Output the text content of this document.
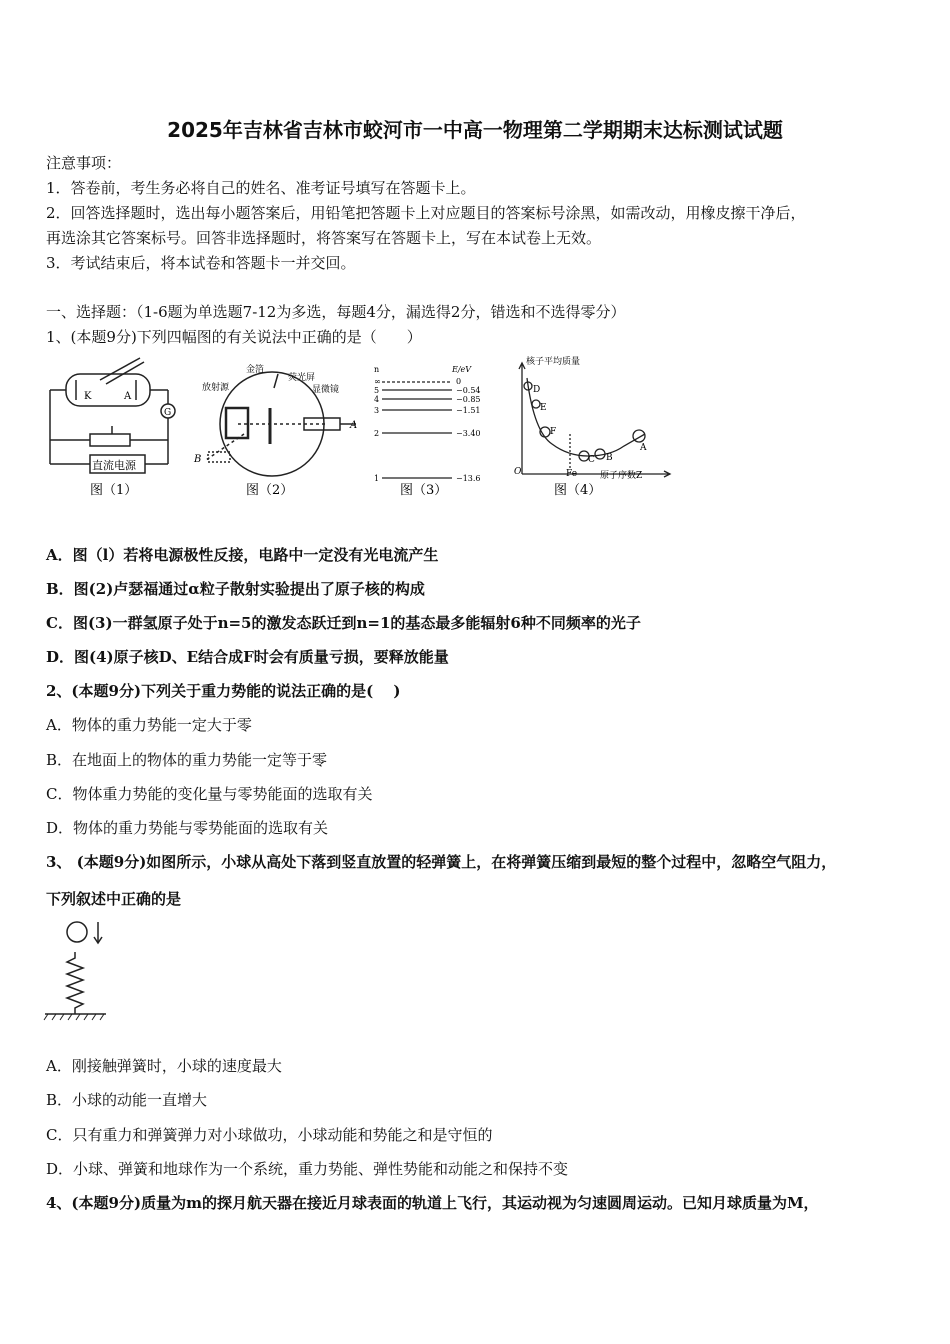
2025年吉林省吉林市蛟河市一中高一物理第二学期期末达标测试试题
注意事项：
1．答卷前，考生务必将自己的姓名、准考证号填写在答题卡上。
2．回答选择题时，选出每小题答案后，用铅笔把答题卡上对应题目的答案标号涂黑，如需改动，用橡皮擦干净后，
再选涂其它答案标号。回答非选择题时，将答案写在答题卡上，写在本试卷上无效。
3．考试结束后，将本试卷和答题卡一并交回。
一、选择题：（1-6题为单选题7-12为多选，每题4分，漏选得2分，错选和不选得零分）
1、(本题9分)下列四幅图的有关说法中正确的是（　　）
K	A
G
直流电源
图（1）
放射源
金箔
荧光屏
显微镜
A
B
图（2）
n	E/eV
∞	0
5	−0.54
4	−0.85
3	−1.51
2	−3.40
1	−13.6
图（3）
核子平均质量
原子序数Z
O	Fe
D
E
F
C B
A
图（4）
A．图（l）若将电源极性反接，电路中一定没有光电流产生
B．图(2)卢瑟福通过α粒子散射实验提出了原子核的构成
C．图(3)一群氢原子处于n=5的激发态跃迁到n=1的基态最多能辐射6种不同频率的光子
D．图(4)原子核D、E结合成F时会有质量亏损，要释放能量
2、(本题9分)下列关于重力势能的说法正确的是(　 )
A．物体的重力势能一定大于零
B．在地面上的物体的重力势能一定等于零
C．物体重力势能的变化量与零势能面的选取有关
D．物体的重力势能与零势能面的选取有关
3、 (本题9分)如图所示，小球从高处下落到竖直放置的轻弹簧上，在将弹簧压缩到最短的整个过程中，忽略空气阻力，
下列叙述中正确的是
A．刚接触弹簧时，小球的速度最大
B．小球的动能一直增大
C．只有重力和弹簧弹力对小球做功，小球动能和势能之和是守恒的
D．小球、弹簧和地球作为一个系统，重力势能、弹性势能和动能之和保持不变
4、(本题9分)质量为m的探月航天器在接近月球表面的轨道上飞行，其运动视为匀速圆周运动。已知月球质量为M，
